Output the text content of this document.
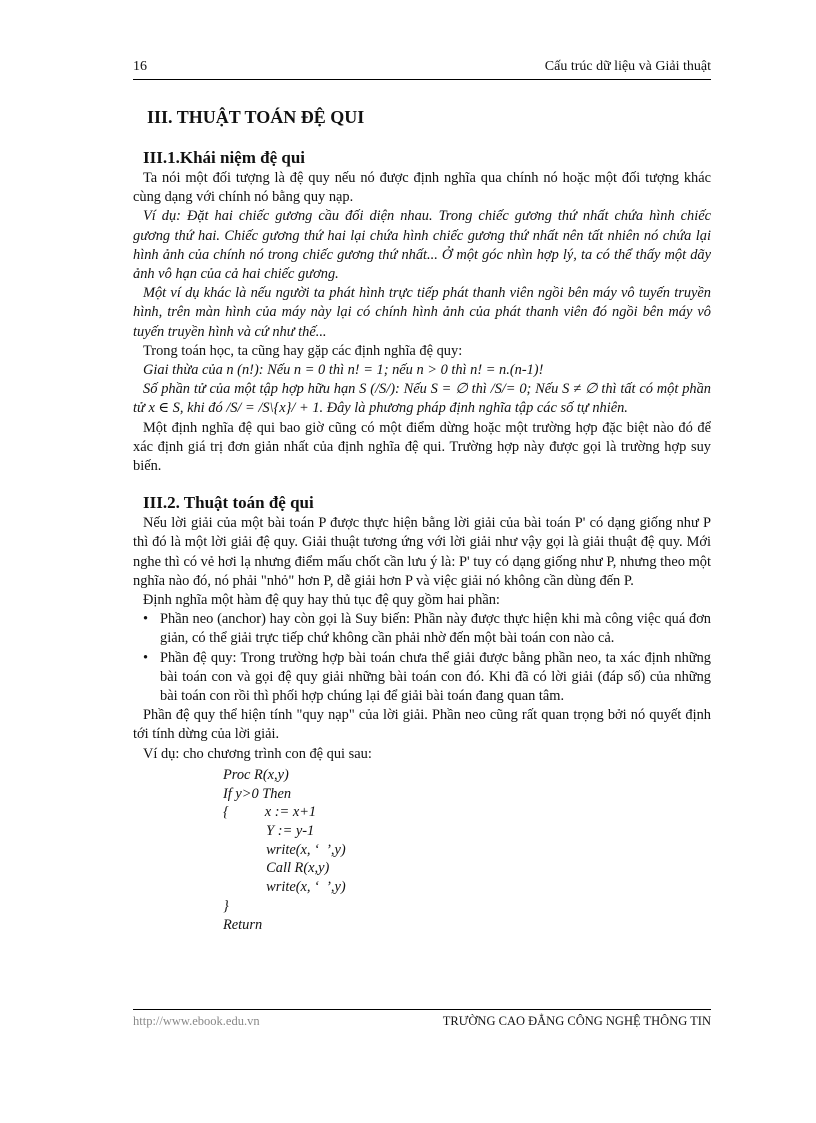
16	Cấu trúc dữ liệu và Giải thuật
III. THUẬT TOÁN ĐỆ QUI
III.1.Khái niệm đệ qui

Ta nói một đối tượng là đệ quy nếu nó được định nghĩa qua chính nó hoặc một đối tượng khác cùng dạng với chính nó bằng quy nạp.

Ví dụ: Đặt hai chiếc gương cầu đối diện nhau. Trong chiếc gương thứ nhất chứa hình chiếc gương thứ hai. Chiếc gương thứ hai lại chứa hình chiếc gương thứ nhất nên tất nhiên nó chứa lại hình ảnh của chính nó trong chiếc gương thứ nhất... Ở một góc nhìn hợp lý, ta có thể thấy một dãy ảnh vô hạn của cả hai chiếc gương.

Một ví dụ khác là nếu người ta phát hình trực tiếp phát thanh viên ngồi bên máy vô tuyến truyền hình, trên màn hình của máy này lại có chính hình ảnh của phát thanh viên đó ngồi bên máy vô tuyến truyền hình và cứ như thế...

Trong toán học, ta cũng hay gặp các định nghĩa đệ quy:

Giai thừa của n (n!): Nếu n = 0 thì n! = 1; nếu n > 0 thì n! = n.(n-1)!

Số phần tử của một tập hợp hữu hạn S (/S/): Nếu S = ∅ thì /S/= 0; Nếu S ≠ ∅ thì tất có một phần tử x ∈ S, khi đó /S/ = /S\{x}/ + 1. Đây là phương pháp định nghĩa tập các số tự nhiên.

Một định nghĩa đệ qui bao giờ cũng có một điểm dừng hoặc một trường hợp đặc biệt nào đó để xác định giá trị đơn giản nhất của định nghĩa đệ qui. Trường hợp này được gọi là trường hợp suy biến.

III.2. Thuật toán đệ qui

Nếu lời giải của một bài toán P được thực hiện bằng lời giải của bài toán P' có dạng giống như P thì đó là một lời giải đệ quy. Giải thuật tương ứng với lời giải như vậy gọi là giải thuật đệ quy. Mới nghe thì có vẻ hơi lạ nhưng điểm mấu chốt cần lưu ý là: P' tuy có dạng giống như P, nhưng theo một nghĩa nào đó, nó phải "nhỏ" hơn P, dễ giải hơn P và việc giải nó không cần dùng đến P.

Định nghĩa một hàm đệ quy hay thủ tục đệ quy gồm hai phần:

• Phần neo (anchor) hay còn gọi là Suy biến: Phần này được thực hiện khi mà công việc quá đơn giản, có thể giải trực tiếp chứ không cần phải nhờ đến một bài toán con nào cả.
• Phần đệ quy: Trong trường hợp bài toán chưa thể giải được bằng phần neo, ta xác định những bài toán con và gọi đệ quy giải những bài toán con đó. Khi đã có lời giải (đáp số) của những bài toán con rồi thì phối hợp chúng lại để giải bài toán đang quan tâm.

Phần đệ quy thể hiện tính "quy nạp" của lời giải. Phần neo cũng rất quan trọng bởi nó quyết định tới tính dừng của lời giải.

Ví dụ: cho chương trình con đệ qui sau:

Proc R(x,y)
If y>0 Then
{          x := x+1
Y := y-1
write(x, ‘  ’,y)
Call R(x,y)
write(x, ‘  ’,y)
}
Return
http://www.ebook.edu.vn	TRƯỜNG CAO ĐẲNG CÔNG NGHỆ THÔNG TIN
